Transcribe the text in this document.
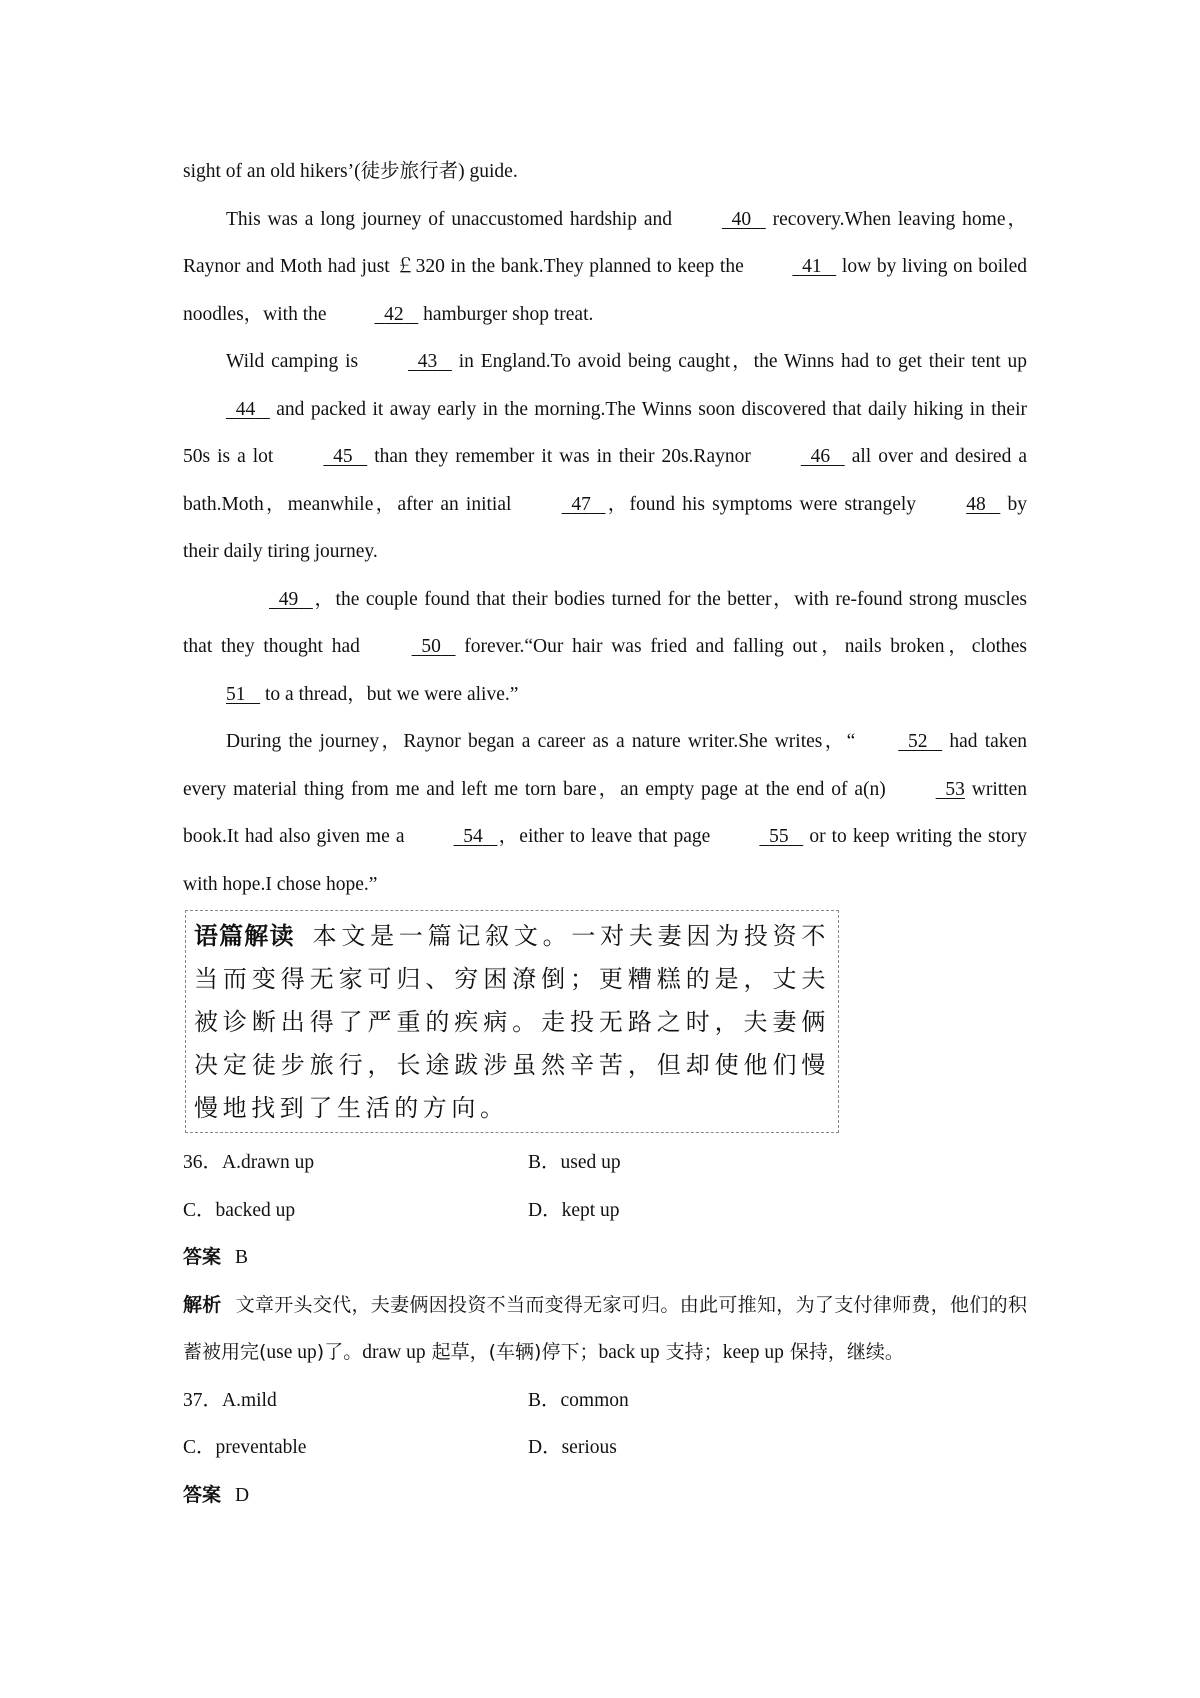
sight of an old hikers’(徒步旅行者) guide.

This was a long journey of unaccustomed hardship and	40    recovery.When leaving home，Raynor and Moth had just ￡320 in the bank.They planned to keep the	41    low by living on boiled noodles，with the	42    hamburger shop treat.

Wild camping is	43    in England.To avoid being caught，the Winns had to get their tent up   44    and packed it away early in the morning.The Winns soon discovered that daily hiking in their 50s is a lot	45    than they remember it was in their 20s.Raynor	46    all over and desired a bath.Moth，meanwhile，after an initial	47 ，found his symptoms were strangely 48    by their daily tiring journey.

49 ，the couple found that their bodies turned for the better，with re-found strong muscles that they thought had	50    forever.“Our hair was fried and falling out，nails broken，clothes 51    to a thread，but we were alive.”

During the journey，Raynor began a career as a nature writer.She writes，“	52    had taken every material thing from me and left me torn bare，an empty page at the end of a(n)	53 written book.It had also given me a	54 ，either to leave that page	55    or to keep writing the story with hope.I chose hope.”

语篇解读 本文是一篇记叙文。一对夫妻因为投资不当而变得无家可归、穷困潦倒；更糟糕的是，丈夫被诊断出得了严重的疾病。走投无路之时，夫妻俩决定徒步旅行，长途跋涉虽然辛苦，但却使他们慢慢地找到了生活的方向。

36．A.drawn up	B．used up
C．backed up	D．kept up
答案 B

解析 文章开头交代，夫妻俩因投资不当而变得无家可归。由此可推知，为了支付律师费，他们的积蓄被用完(use up)了。draw up 起草，(车辆)停下；back up 支持；keep up 保持，继续。

37．A.mild	B．common
C．preventable	D．serious
答案 D
